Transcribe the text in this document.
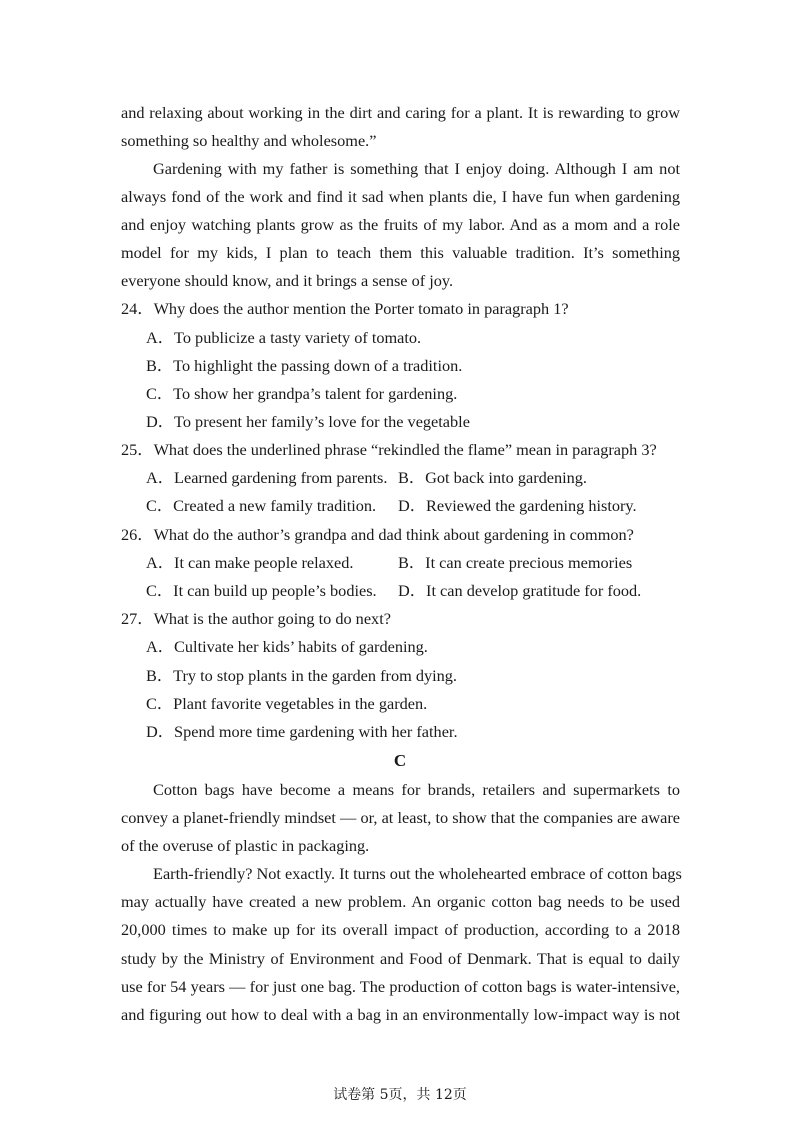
and relaxing about working in the dirt and caring for a plant. It is rewarding to grow
something so healthy and wholesome.”
Gardening with my father is something that I enjoy doing. Although I am not
always fond of the work and find it sad when plants die, I have fun when gardening
and enjoy watching plants grow as the fruits of my labor. And as a mom and a role
model for my kids, I plan to teach them this valuable tradition. It’s something
everyone should know, and it brings a sense of joy.
24．Why does the author mention the Porter tomato in paragraph 1?
A．To publicize a tasty variety of tomato.
B．To highlight the passing down of a tradition.
C．To show her grandpa’s talent for gardening.
D．To present her family’s love for the vegetable
25．What does the underlined phrase “rekindled the flame” mean in paragraph 3?
A．Learned gardening from parents. B．Got back into gardening.
C．Created a new family tradition. D．Reviewed the gardening history.
26．What do the author’s grandpa and dad think about gardening in common?
A．It can make people relaxed.	B．It can create precious memories
C．It can build up people’s bodies. D．It can develop gratitude for food.
27．What is the author going to do next?
A．Cultivate her kids’ habits of gardening.
B．Try to stop plants in the garden from dying.
C．Plant favorite vegetables in the garden.
D．Spend more time gardening with her father.
C
Cotton bags have become a means for brands, retailers and supermarkets to
convey a planet-friendly mindset — or, at least, to show that the companies are aware
of the overuse of plastic in packaging.
Earth-friendly? Not exactly. It turns out the wholehearted embrace of cotton bags
may actually have created a new problem. An organic cotton bag needs to be used
20,000 times to make up for its overall impact of production, according to a 2018
study by the Ministry of Environment and Food of Denmark. That is equal to daily
use for 54 years — for just one bag. The production of cotton bags is water-intensive,
and figuring out how to deal with a bag in an environmentally low-impact way is not
试卷第 5页，共 12页
